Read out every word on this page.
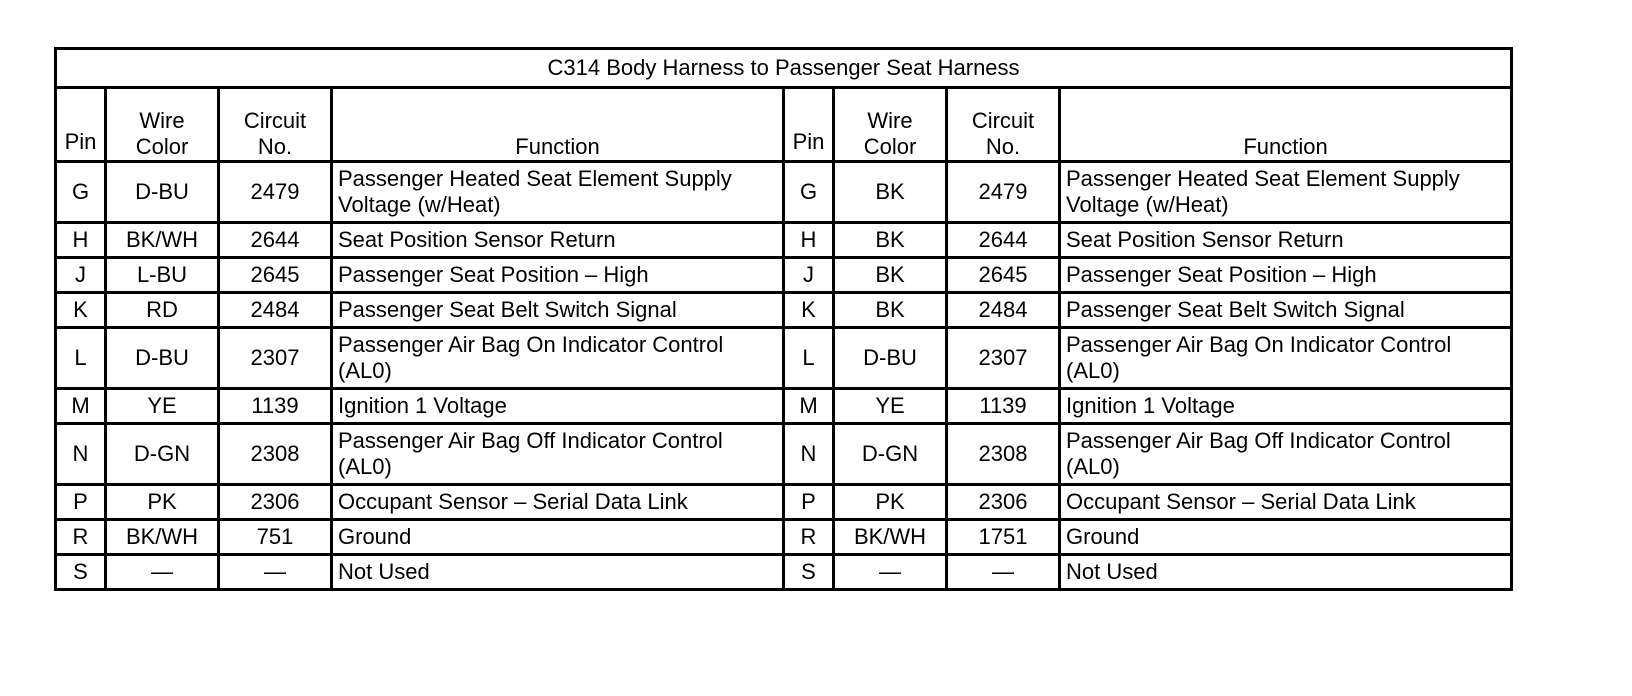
C314 Body Harness to Passenger Seat Harness							
Pin	Wire Color	Circuit No.	Function	Pin	Wire Color	Circuit No.	Function
G	D-BU	2479	Passenger Heated Seat Element Supply Voltage (w/Heat)	G	BK	2479	Passenger Heated Seat Element Supply Voltage (w/Heat)
H	BK/WH	2644	Seat Position Sensor Return	H	BK	2644	Seat Position Sensor Return
J	L-BU	2645	Passenger Seat Position – High	J	BK	2645	Passenger Seat Position – High
K	RD	2484	Passenger Seat Belt Switch Signal	K	BK	2484	Passenger Seat Belt Switch Signal
L	D-BU	2307	Passenger Air Bag On Indicator Control (AL0)	L	D-BU	2307	Passenger Air Bag On Indicator Control (AL0)
M	YE	1139	Ignition 1 Voltage	M	YE	1139	Ignition 1 Voltage
N	D-GN	2308	Passenger Air Bag Off Indicator Control (AL0)	N	D-GN	2308	Passenger Air Bag Off Indicator Control (AL0)
P	PK	2306	Occupant Sensor – Serial Data Link	P	PK	2306	Occupant Sensor – Serial Data Link
R	BK/WH	751	Ground	R	BK/WH	1751	Ground
S	—	—	Not Used	S	—	—	Not Used
